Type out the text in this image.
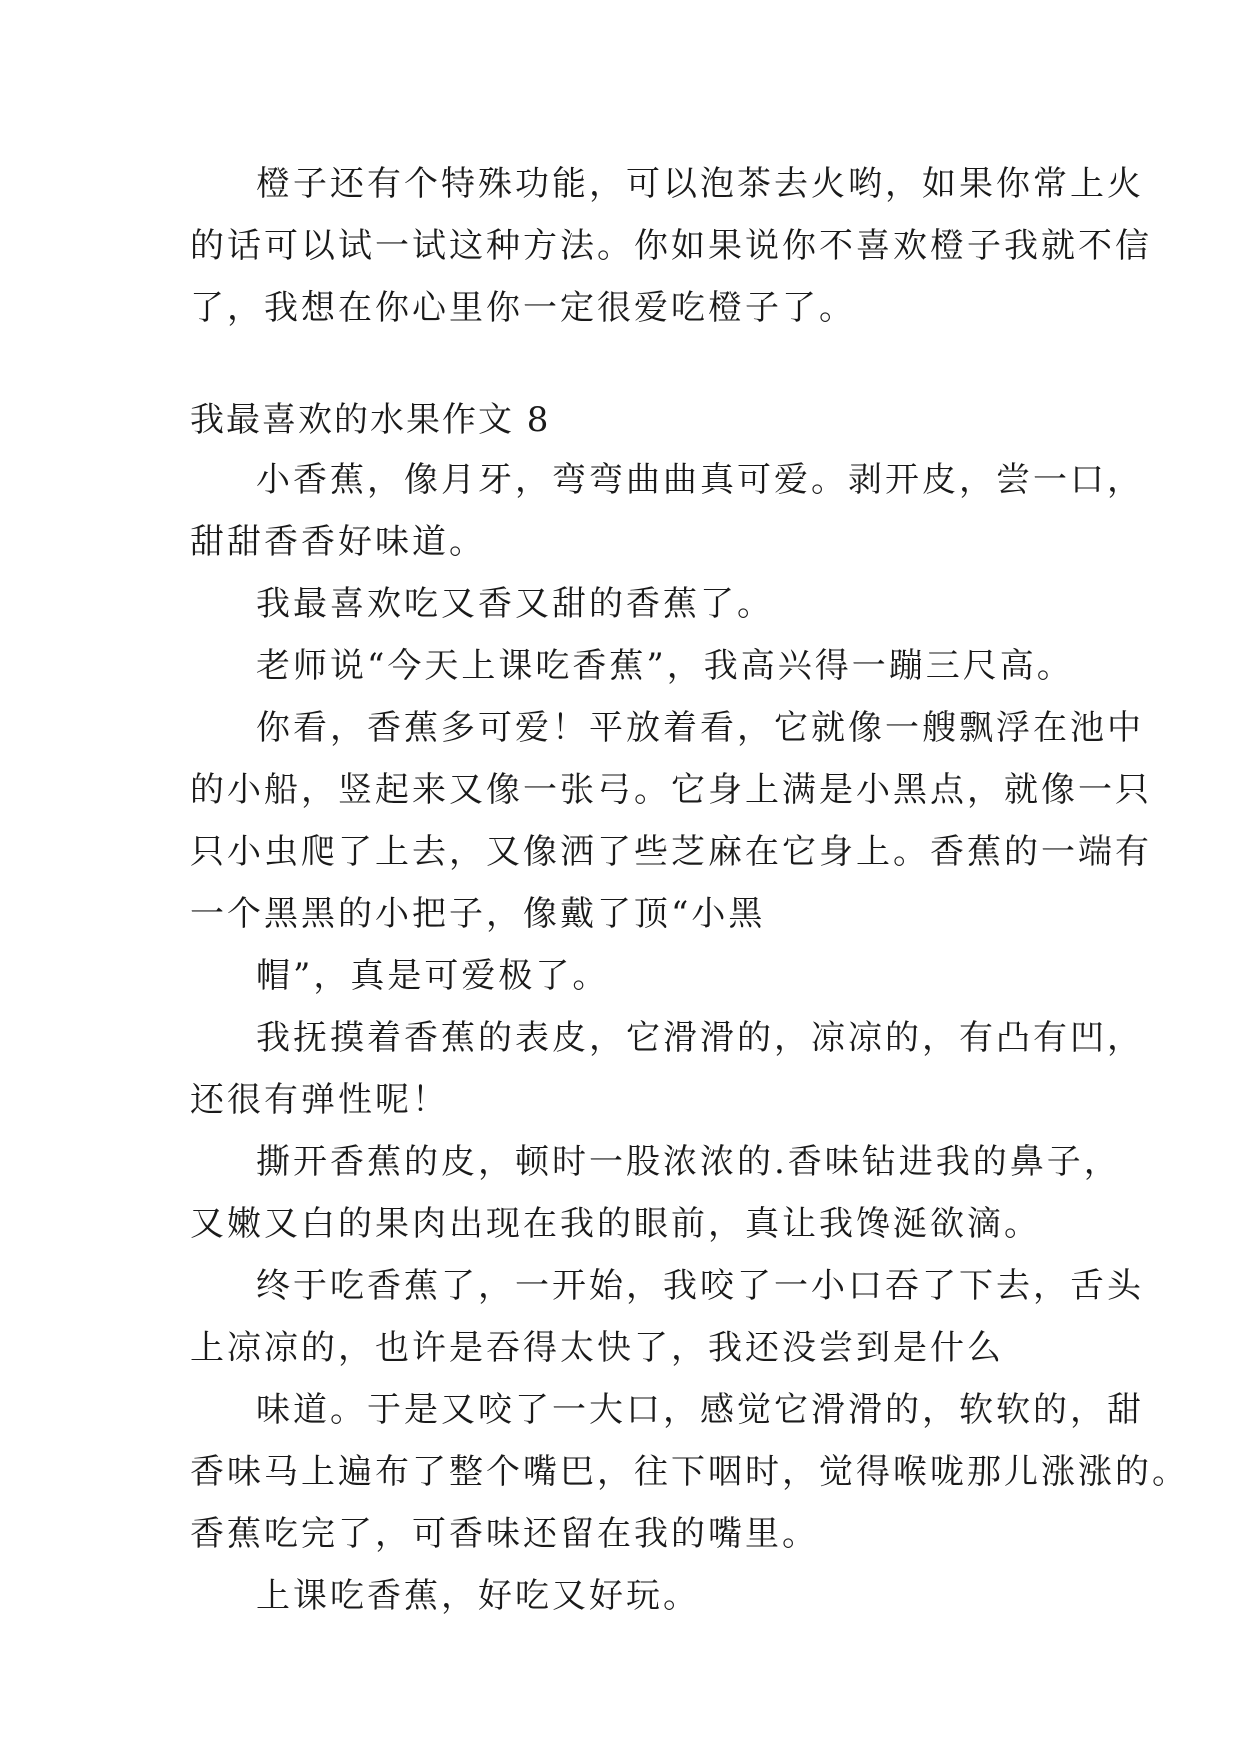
橙子还有个特殊功能，可以泡茶去火哟，如果你常上火
的话可以试一试这种方法。你如果说你不喜欢橙子我就不信
了，我想在你心里你一定很爱吃橙子了。
我最喜欢的水果作文 8
小香蕉，像月牙，弯弯曲曲真可爱。剥开皮，尝一口，
甜甜香香好味道。
我最喜欢吃又香又甜的香蕉了。
老师说“今天上课吃香蕉”，我高兴得一蹦三尺高。
你看，香蕉多可爱！平放着看，它就像一艘飘浮在池中
的小船，竖起来又像一张弓。它身上满是小黑点，就像一只
只小虫爬了上去，又像洒了些芝麻在它身上。香蕉的一端有
一个黑黑的小把子，像戴了顶“小黑
帽”，真是可爱极了。
我抚摸着香蕉的表皮，它滑滑的，凉凉的，有凸有凹，
还很有弹性呢！
撕开香蕉的皮，顿时一股浓浓的.香味钻进我的鼻子，
又嫩又白的果肉出现在我的眼前，真让我馋涎欲滴。
终于吃香蕉了，一开始，我咬了一小口吞了下去，舌头
上凉凉的，也许是吞得太快了，我还没尝到是什么
味道。于是又咬了一大口，感觉它滑滑的，软软的，甜
香味马上遍布了整个嘴巴，往下咽时，觉得喉咙那儿涨涨的。
香蕉吃完了，可香味还留在我的嘴里。
上课吃香蕉，好吃又好玩。
